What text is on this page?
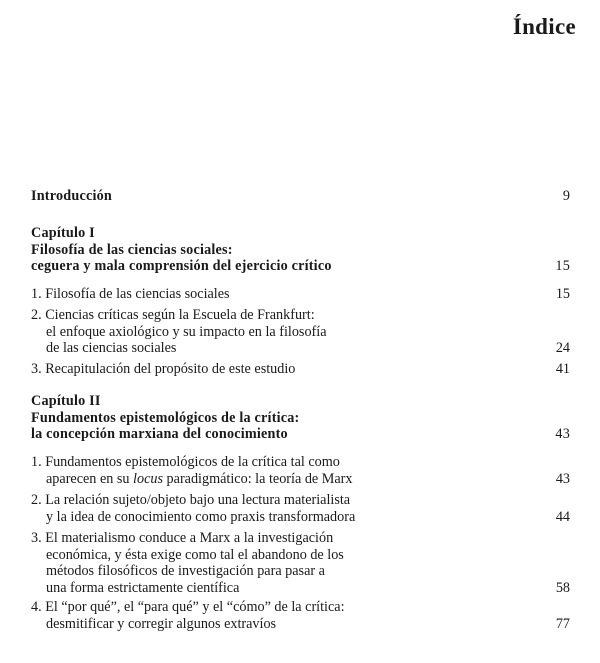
Índice
Introducción	9
Capítulo I
Filosofía de las ciencias sociales:
ceguera y mala comprensión del ejercicio crítico	15
1. Filosofía de las ciencias sociales	15
2. Ciencias críticas según la Escuela de Frankfurt:
el enfoque axiológico y su impacto en la filosofía
de las ciencias sociales	24
3. Recapitulación del propósito de este estudio	41
Capítulo II
Fundamentos epistemológicos de la crítica:
la concepción marxiana del conocimiento	43
1. Fundamentos epistemológicos de la crítica tal como
aparecen en su locus paradigmático: la teoría de Marx	43
2. La relación sujeto/objeto bajo una lectura materialista
y la idea de conocimiento como praxis transformadora	44
3. El materialismo conduce a Marx a la investigación
económica, y ésta exige como tal el abandono de los
métodos filosóficos de investigación para pasar a
una forma estrictamente científica	58
4. El “por qué”, el “para qué” y el “cómo” de la crítica:
desmitificar y corregir algunos extravíos	77
